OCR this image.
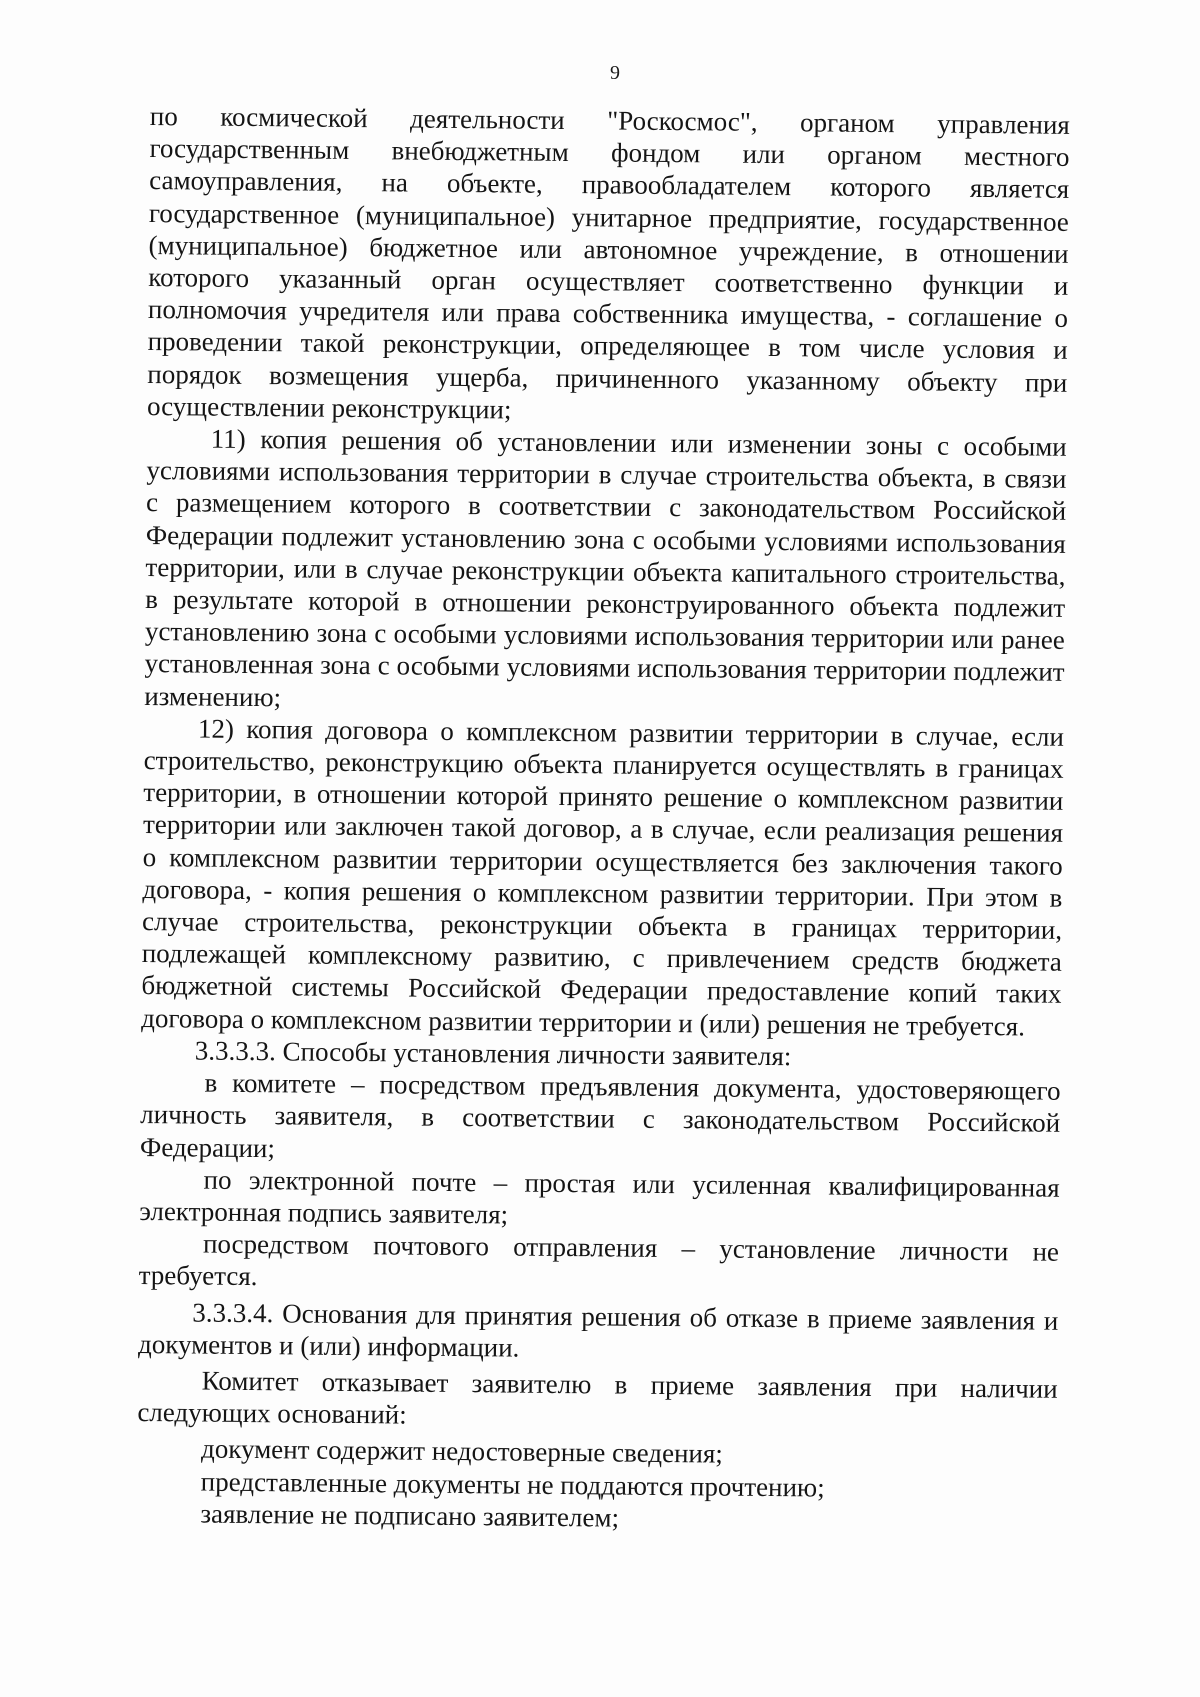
9

по космической деятельности "Роскосмос", органом управления государственным внебюджетным фондом или органом местного самоуправления, на объекте, правообладателем которого является государственное (муниципальное) унитарное предприятие, государственное (муниципальное) бюджетное или автономное учреждение, в отношении которого указанный орган осуществляет соответственно функции и полномочия учредителя или права собственника имущества, - соглашение о проведении такой реконструкции, определяющее в том числе условия и порядок возмещения ущерба, причиненного указанному объекту при осуществлении реконструкции;

11) копия решения об установлении или изменении зоны с особыми условиями использования территории в случае строительства объекта, в связи с размещением которого в соответствии с законодательством Российской Федерации подлежит установлению зона с особыми условиями использования территории, или в случае реконструкции объекта капитального строительства, в результате которой в отношении реконструированного объекта подлежит установлению зона с особыми условиями использования территории или ранее установленная зона с особыми условиями использования территории подлежит изменению;

12) копия договора о комплексном развитии территории в случае, если строительство, реконструкцию объекта планируется осуществлять в границах территории, в отношении которой принято решение о комплексном развитии территории или заключен такой договор, а в случае, если реализация решения о комплексном развитии территории осуществляется без заключения такого договора, - копия решения о комплексном развитии территории. При этом в случае строительства, реконструкции объекта в границах территории, подлежащей комплексному развитию, с привлечением средств бюджета бюджетной системы Российской Федерации предоставление копий таких договора о комплексном развитии территории и (или) решения не требуется.

3.3.3.3. Способы установления личности заявителя:

в комитете – посредством предъявления документа, удостоверяющего личность заявителя, в соответствии с законодательством Российской Федерации;

по электронной почте – простая или усиленная квалифицированная электронная подпись заявителя;

посредством почтового отправления – установление личности не требуется.

3.3.3.4. Основания для принятия решения об отказе в приеме заявления и документов и (или) информации.

Комитет отказывает заявителю в приеме заявления при наличии следующих оснований:

документ содержит недостоверные сведения;

представленные документы не поддаются прочтению;

заявление не подписано заявителем;
